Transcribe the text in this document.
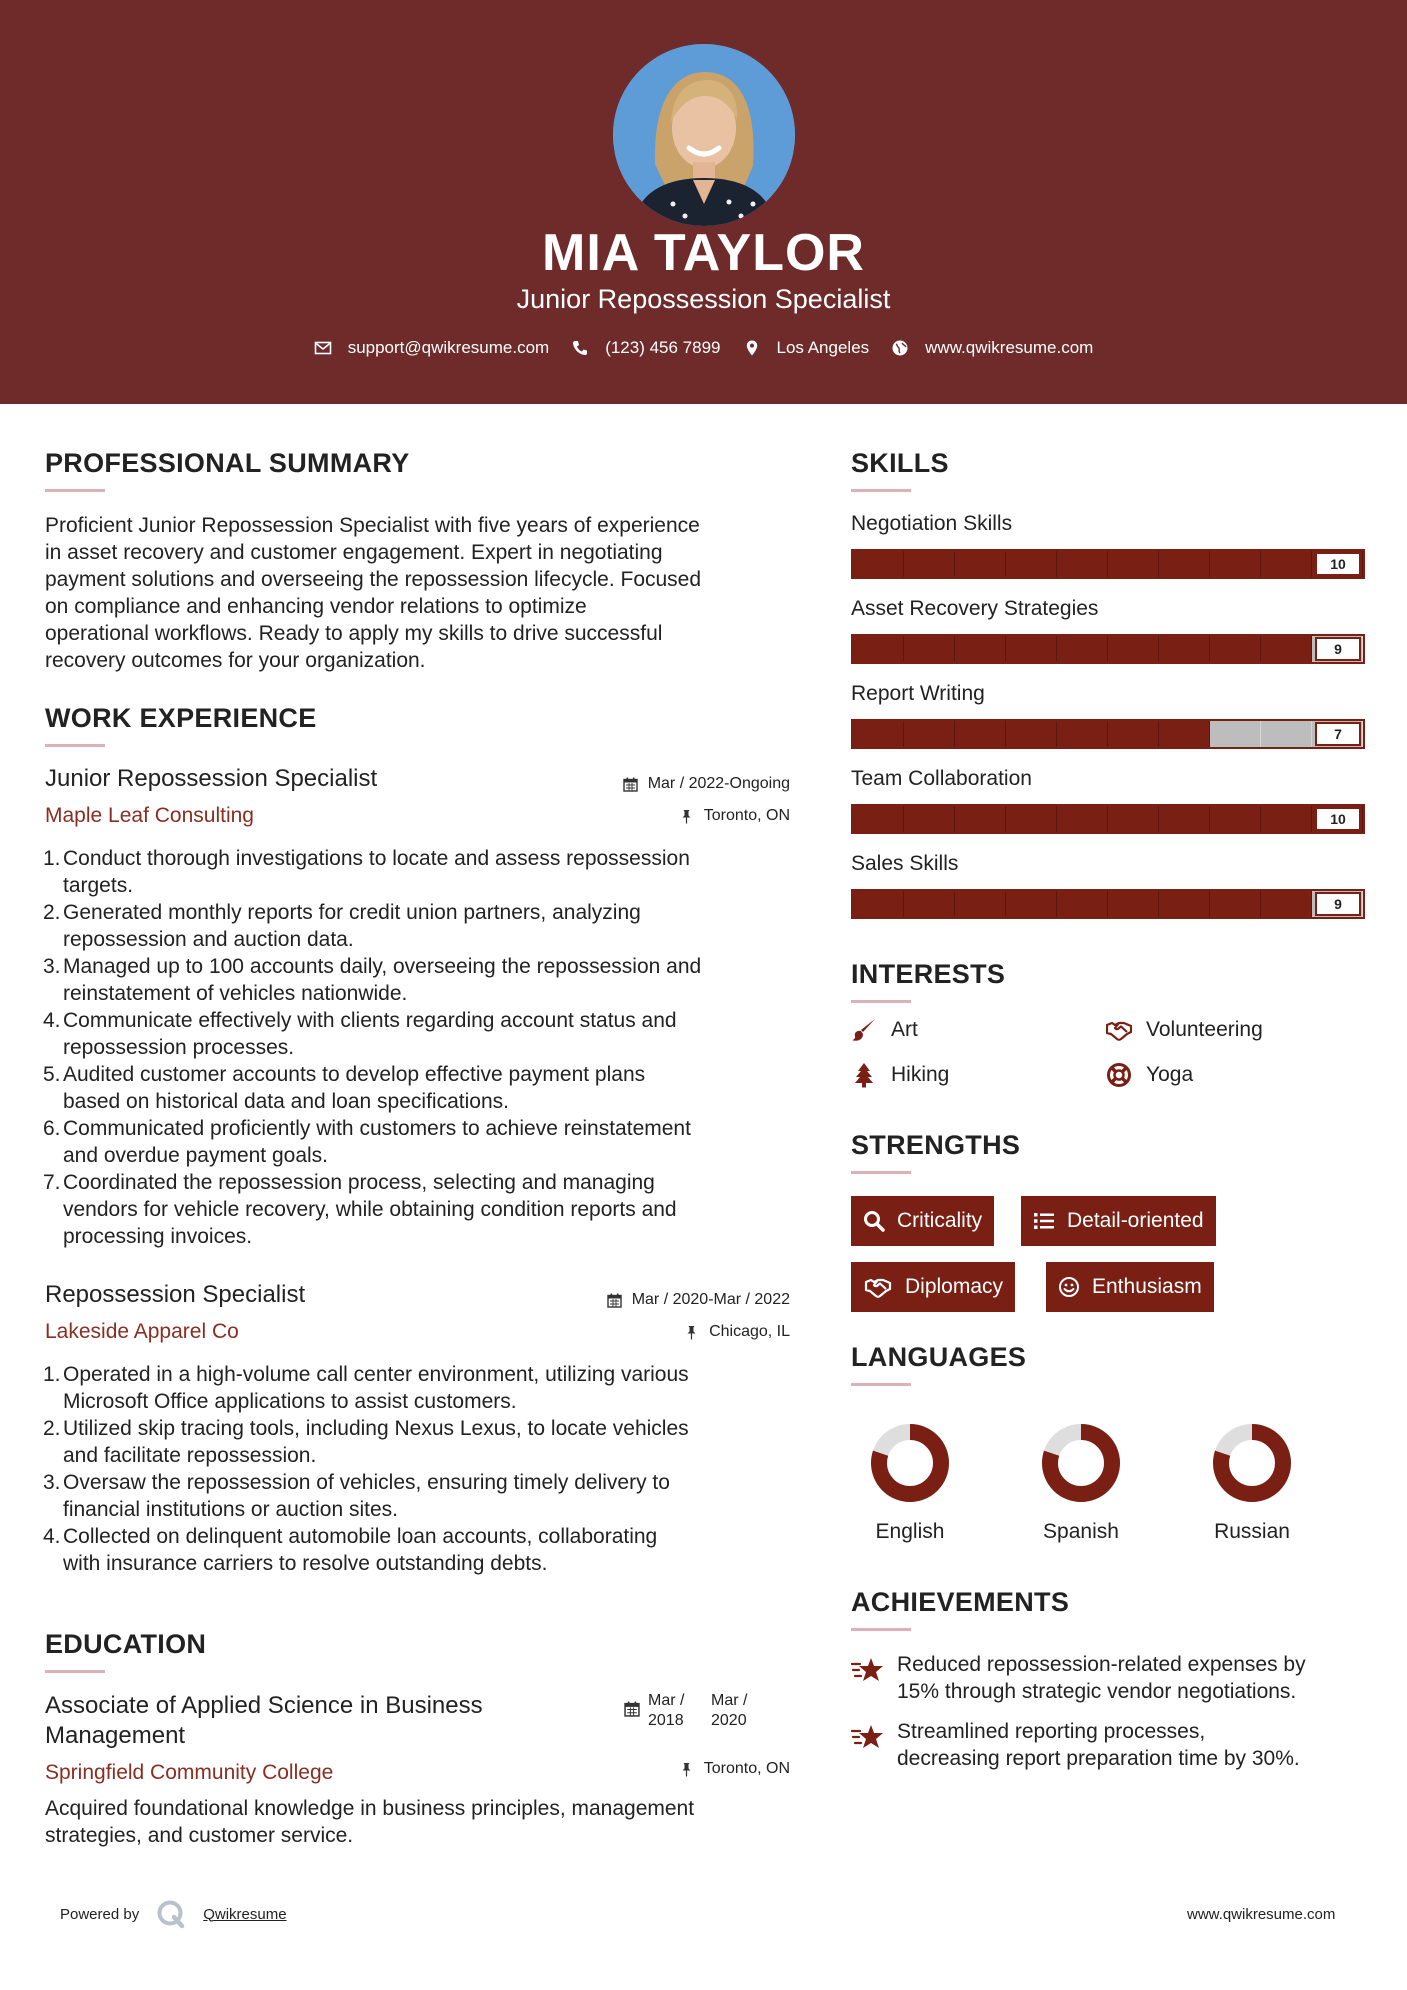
MIA TAYLOR
Junior Repossession Specialist
support@qwikresume.com	(123) 456 7899	Los Angeles	www.qwikresume.com
PROFESSIONAL SUMMARY
Proficient Junior Repossession Specialist with five years of experience
in asset recovery and customer engagement. Expert in negotiating
payment solutions and overseeing the repossession lifecycle. Focused
on compliance and enhancing vendor relations to optimize
operational workflows. Ready to apply my skills to drive successful
recovery outcomes for your organization.
WORK EXPERIENCE
Junior Repossession Specialist	Mar / 2022-Ongoing
Maple Leaf Consulting	Toronto, ON
1. Conduct thorough investigations to locate and assess repossession
targets.
2. Generated monthly reports for credit union partners, analyzing
repossession and auction data.
3. Managed up to 100 accounts daily, overseeing the repossession and
reinstatement of vehicles nationwide.
4. Communicate effectively with clients regarding account status and
repossession processes.
5. Audited customer accounts to develop effective payment plans
based on historical data and loan specifications.
6. Communicated proficiently with customers to achieve reinstatement
and overdue payment goals.
7. Coordinated the repossession process, selecting and managing
vendors for vehicle recovery, while obtaining condition reports and
processing invoices.
Repossession Specialist	Mar / 2020-Mar / 2022
Lakeside Apparel Co	Chicago, IL
1. Operated in a high-volume call center environment, utilizing various
Microsoft Office applications to assist customers.
2. Utilized skip tracing tools, including Nexus Lexus, to locate vehicles
and facilitate repossession.
3. Oversaw the repossession of vehicles, ensuring timely delivery to
financial institutions or auction sites.
4. Collected on delinquent automobile loan accounts, collaborating
with insurance carriers to resolve outstanding debts.
EDUCATION
Associate of Applied Science in Business
Management
Mar /
2018
Mar /
2020
Springfield Community College	Toronto, ON
Acquired foundational knowledge in business principles, management
strategies, and customer service.
SKILLS
Negotiation Skills
10
Asset Recovery Strategies
9
Report Writing
7
Team Collaboration
10
Sales Skills
9
INTERESTS
Art	Volunteering
Hiking	Yoga
STRENGTHS
Criticality	Detail-oriented
Diplomacy	Enthusiasm
LANGUAGES
English	Spanish	Russian
ACHIEVEMENTS
Reduced repossession-related expenses by
15% through strategic vendor negotiations.
Streamlined reporting processes,
decreasing report preparation time by 30%.
Powered by	Qwikresume	www.qwikresume.com
